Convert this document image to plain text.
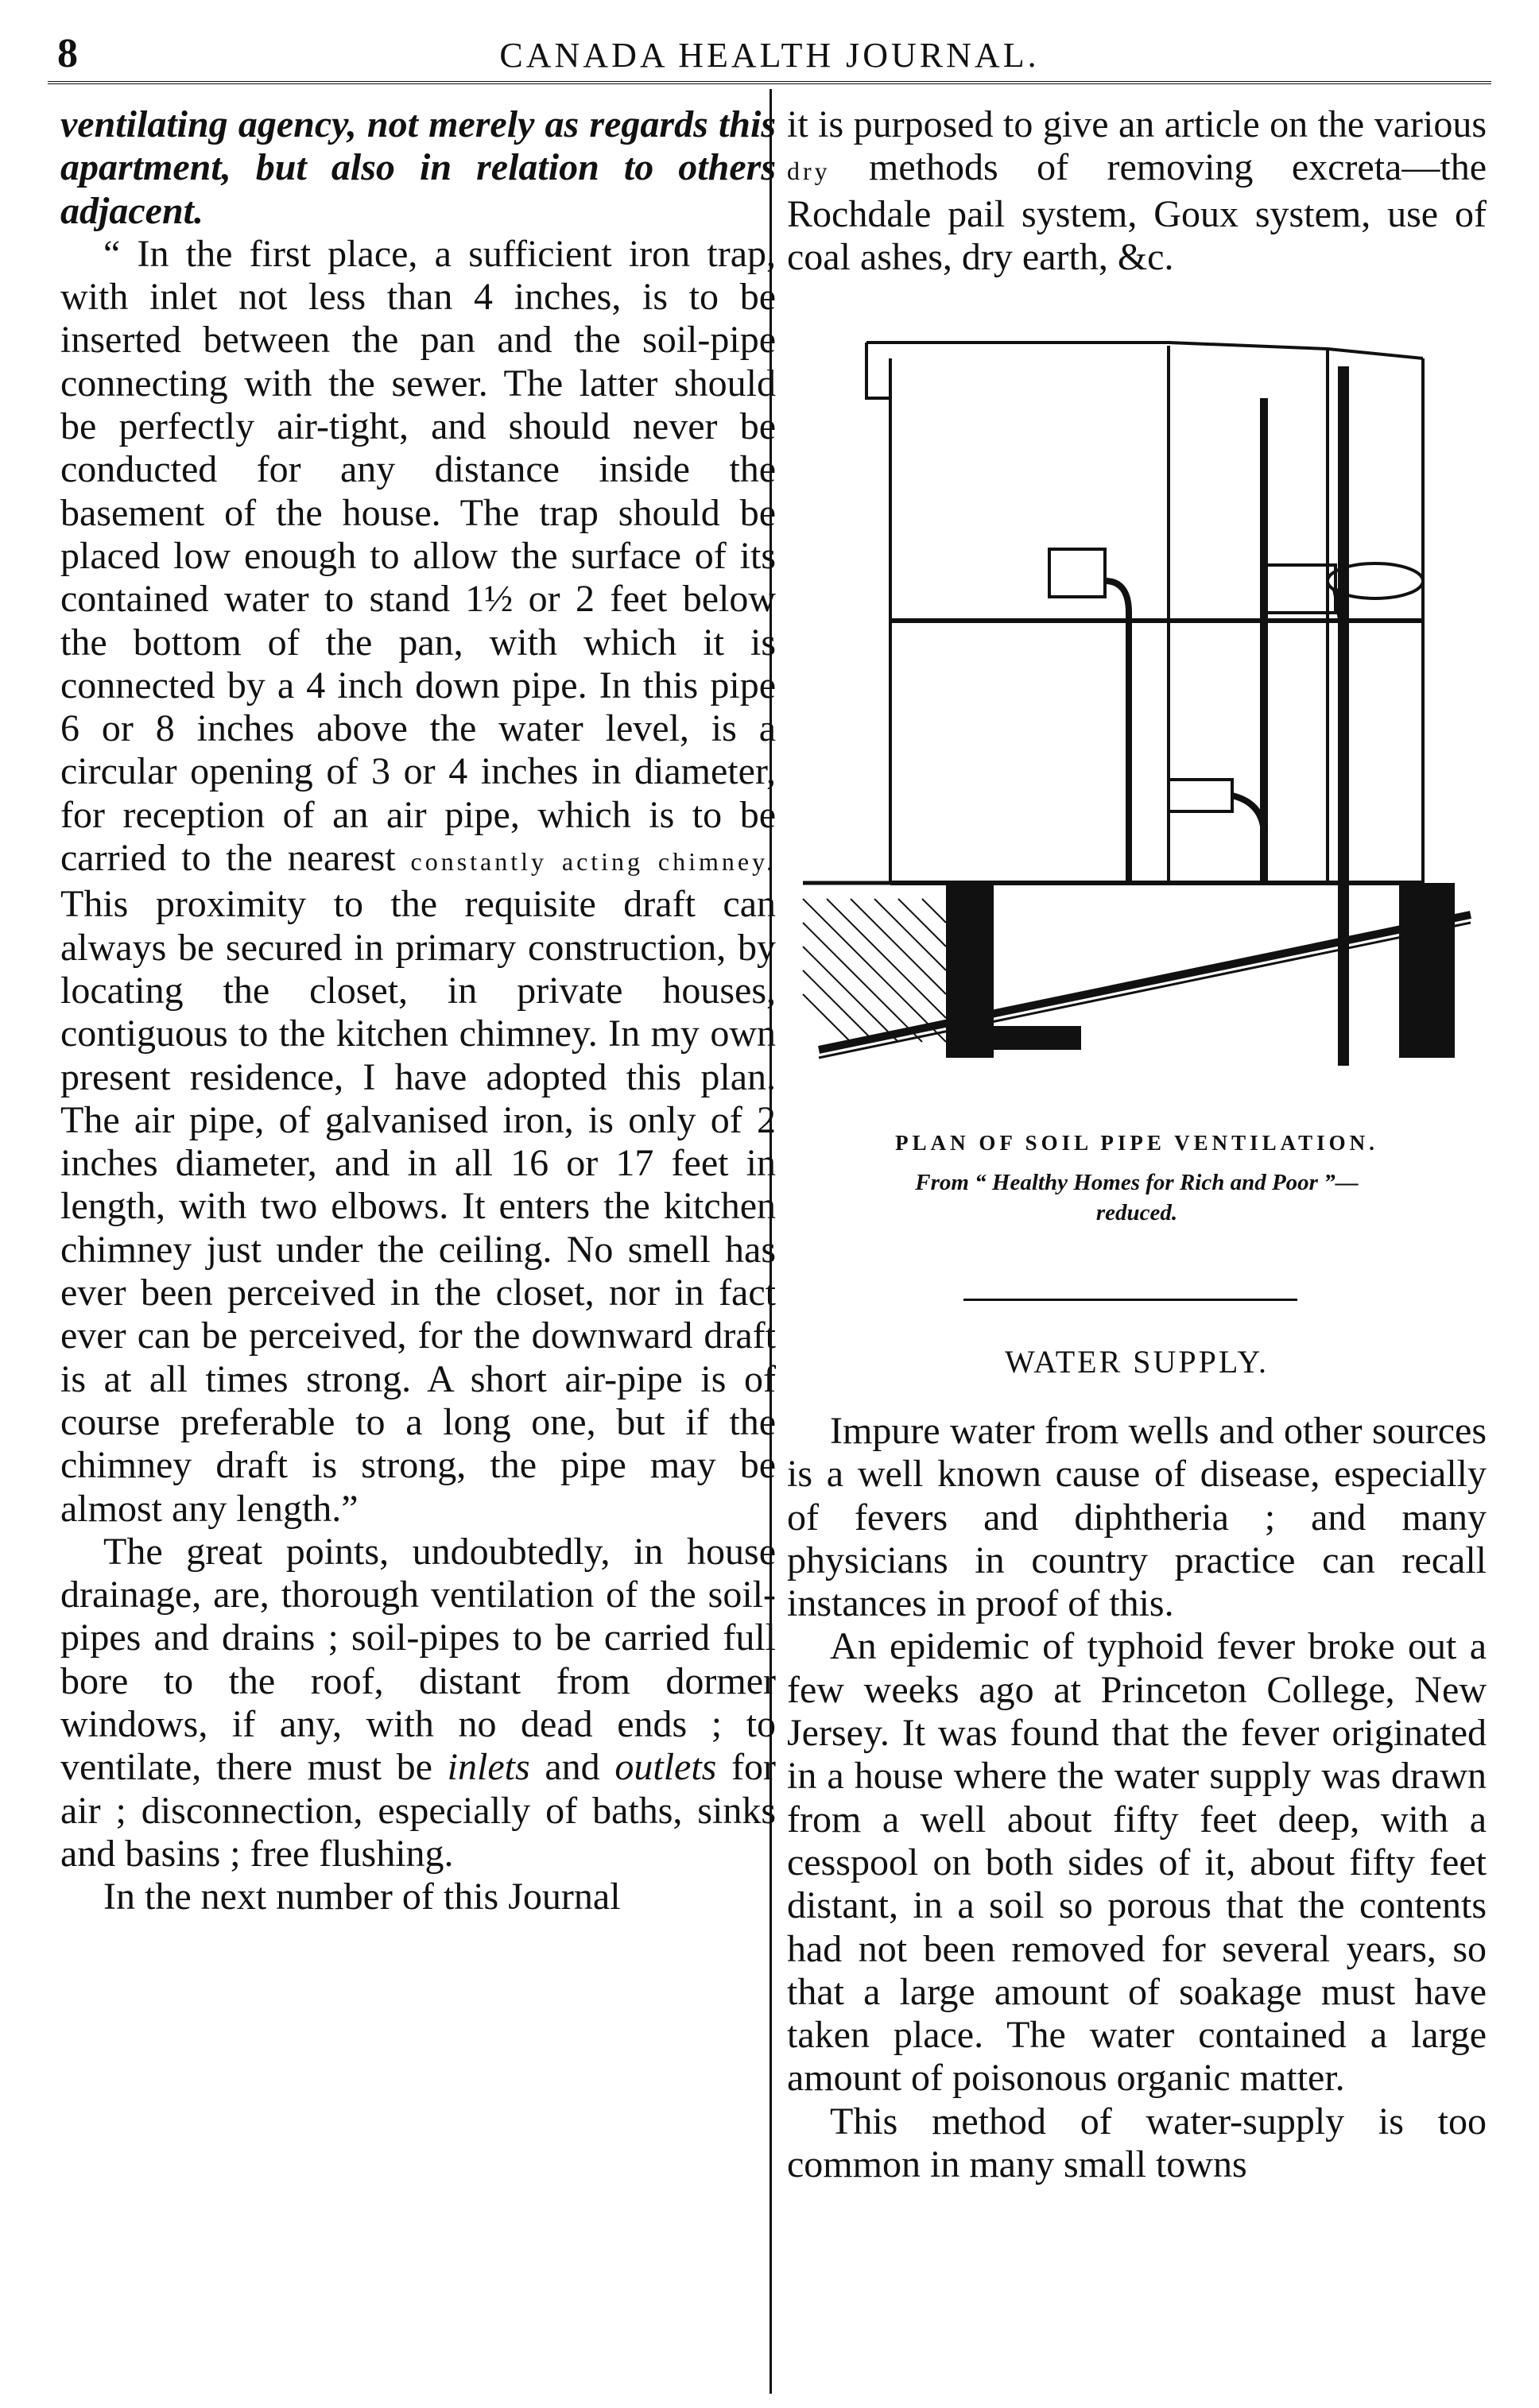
8	CANADA HEALTH JOURNAL.

ventilating agency, not merely as regards this apartment, but also in relation to others adjacent.

“ In the first place, a sufficient iron trap, with inlet not less than 4 inches, is to be inserted between the pan and the soil-pipe connecting with the sewer. The latter should be perfectly air-tight, and should never be conducted for any distance inside the basement of the house. The trap should be placed low enough to allow the surface of its contained water to stand 1½ or 2 feet below the bottom of the pan, with which it is connected by a 4 inch down pipe. In this pipe 6 or 8 inches above the water level, is a circular opening of 3 or 4 inches in diameter, for reception of an air pipe, which is to be carried to the nearest constantly acting chimney. This proximity to the requisite draft can always be secured in primary construction, by locating the closet, in private houses, contiguous to the kitchen chimney. In my own present residence, I have adopted this plan. The air pipe, of galvanised iron, is only of 2 inches diameter, and in all 16 or 17 feet in length, with two elbows. It enters the kitchen chimney just under the ceiling. No smell has ever been perceived in the closet, nor in fact ever can be perceived, for the downward draft is at all times strong. A short air-pipe is of course preferable to a long one, but if the chimney draft is strong, the pipe may be almost any length.”

The great points, undoubtedly, in house drainage, are, thorough ventilation of the soil-pipes and drains ; soil-pipes to be carried full bore to the roof, distant from dormer windows, if any, with no dead ends ; to ventilate, there must be inlets and outlets for air ; disconnection, especially of baths, sinks and basins ; free flushing.

In the next number of this Journal

it is purposed to give an article on the various dry methods of removing excreta—the Rochdale pail system, Goux system, use of coal ashes, dry earth, &c.

PLAN OF SOIL PIPE VENTILATION.
From “ Healthy Homes for Rich and Poor ”—
reduced.
WATER SUPPLY.

Impure water from wells and other sources is a well known cause of disease, especially of fevers and diphtheria ; and many physicians in country practice can recall instances in proof of this.

An epidemic of typhoid fever broke out a few weeks ago at Princeton College, New Jersey. It was found that the fever originated in a house where the water supply was drawn from a well about fifty feet deep, with a cesspool on both sides of it, about fifty feet distant, in a soil so porous that the contents had not been removed for several years, so that a large amount of soakage must have taken place. The water contained a large amount of poisonous organic matter.

This method of water-supply is too common in many small towns
